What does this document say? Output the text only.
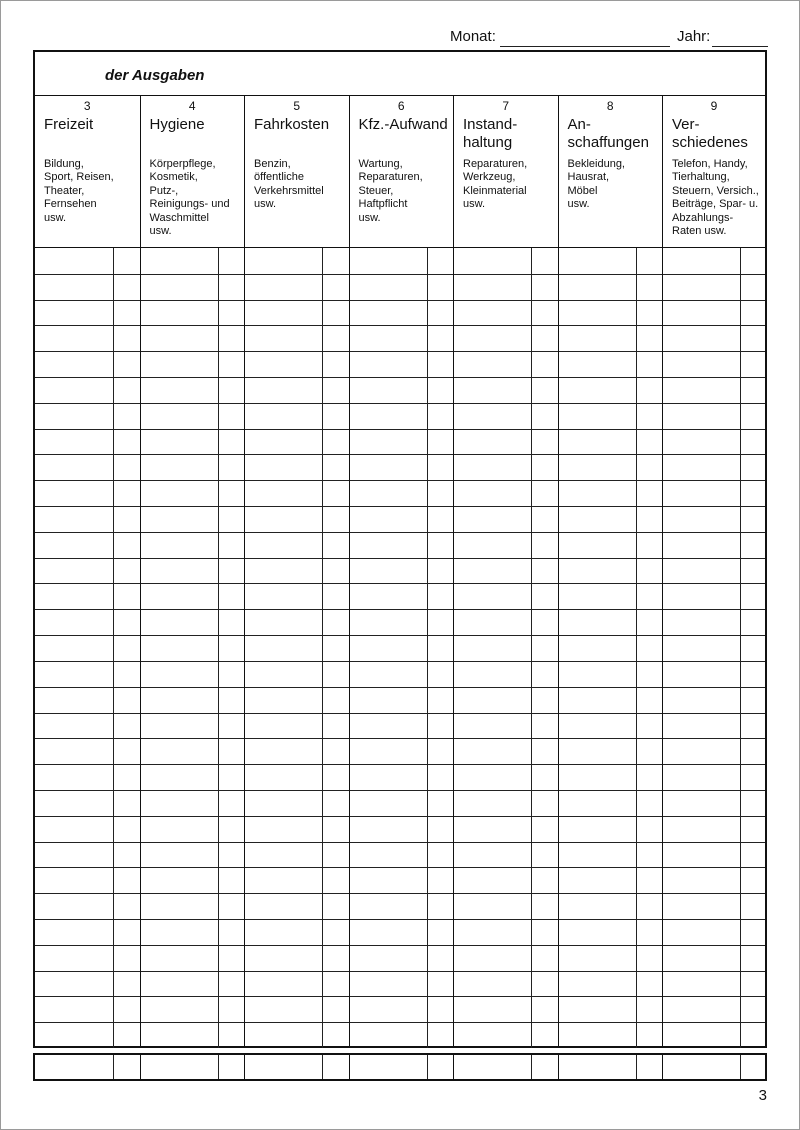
Monat:	Jahr:
der Ausgaben
3
Freizeit
Bildung,
Sport, Reisen,
Theater,
Fernsehen
usw.
4
Hygiene
Körperpflege,
Kosmetik,
Putz-,
Reinigungs- und
Waschmittel
usw.
5
Fahrkosten
Benzin,
öffentliche
Verkehrsmittel
usw.
6
Kfz.-Aufwand
Wartung,
Reparaturen,
Steuer,
Haftpflicht
usw.
7
Instand-
haltung
Reparaturen,
Werkzeug,
Kleinmaterial
usw.
8
An-
schaffungen
Bekleidung,
Hausrat,
Möbel
usw.
9
Ver-
schiedenes
Telefon, Handy,
Tierhaltung,
Steuern, Versich.,
Beiträge, Spar- u.
Abzahlungs-
Raten usw.
3
